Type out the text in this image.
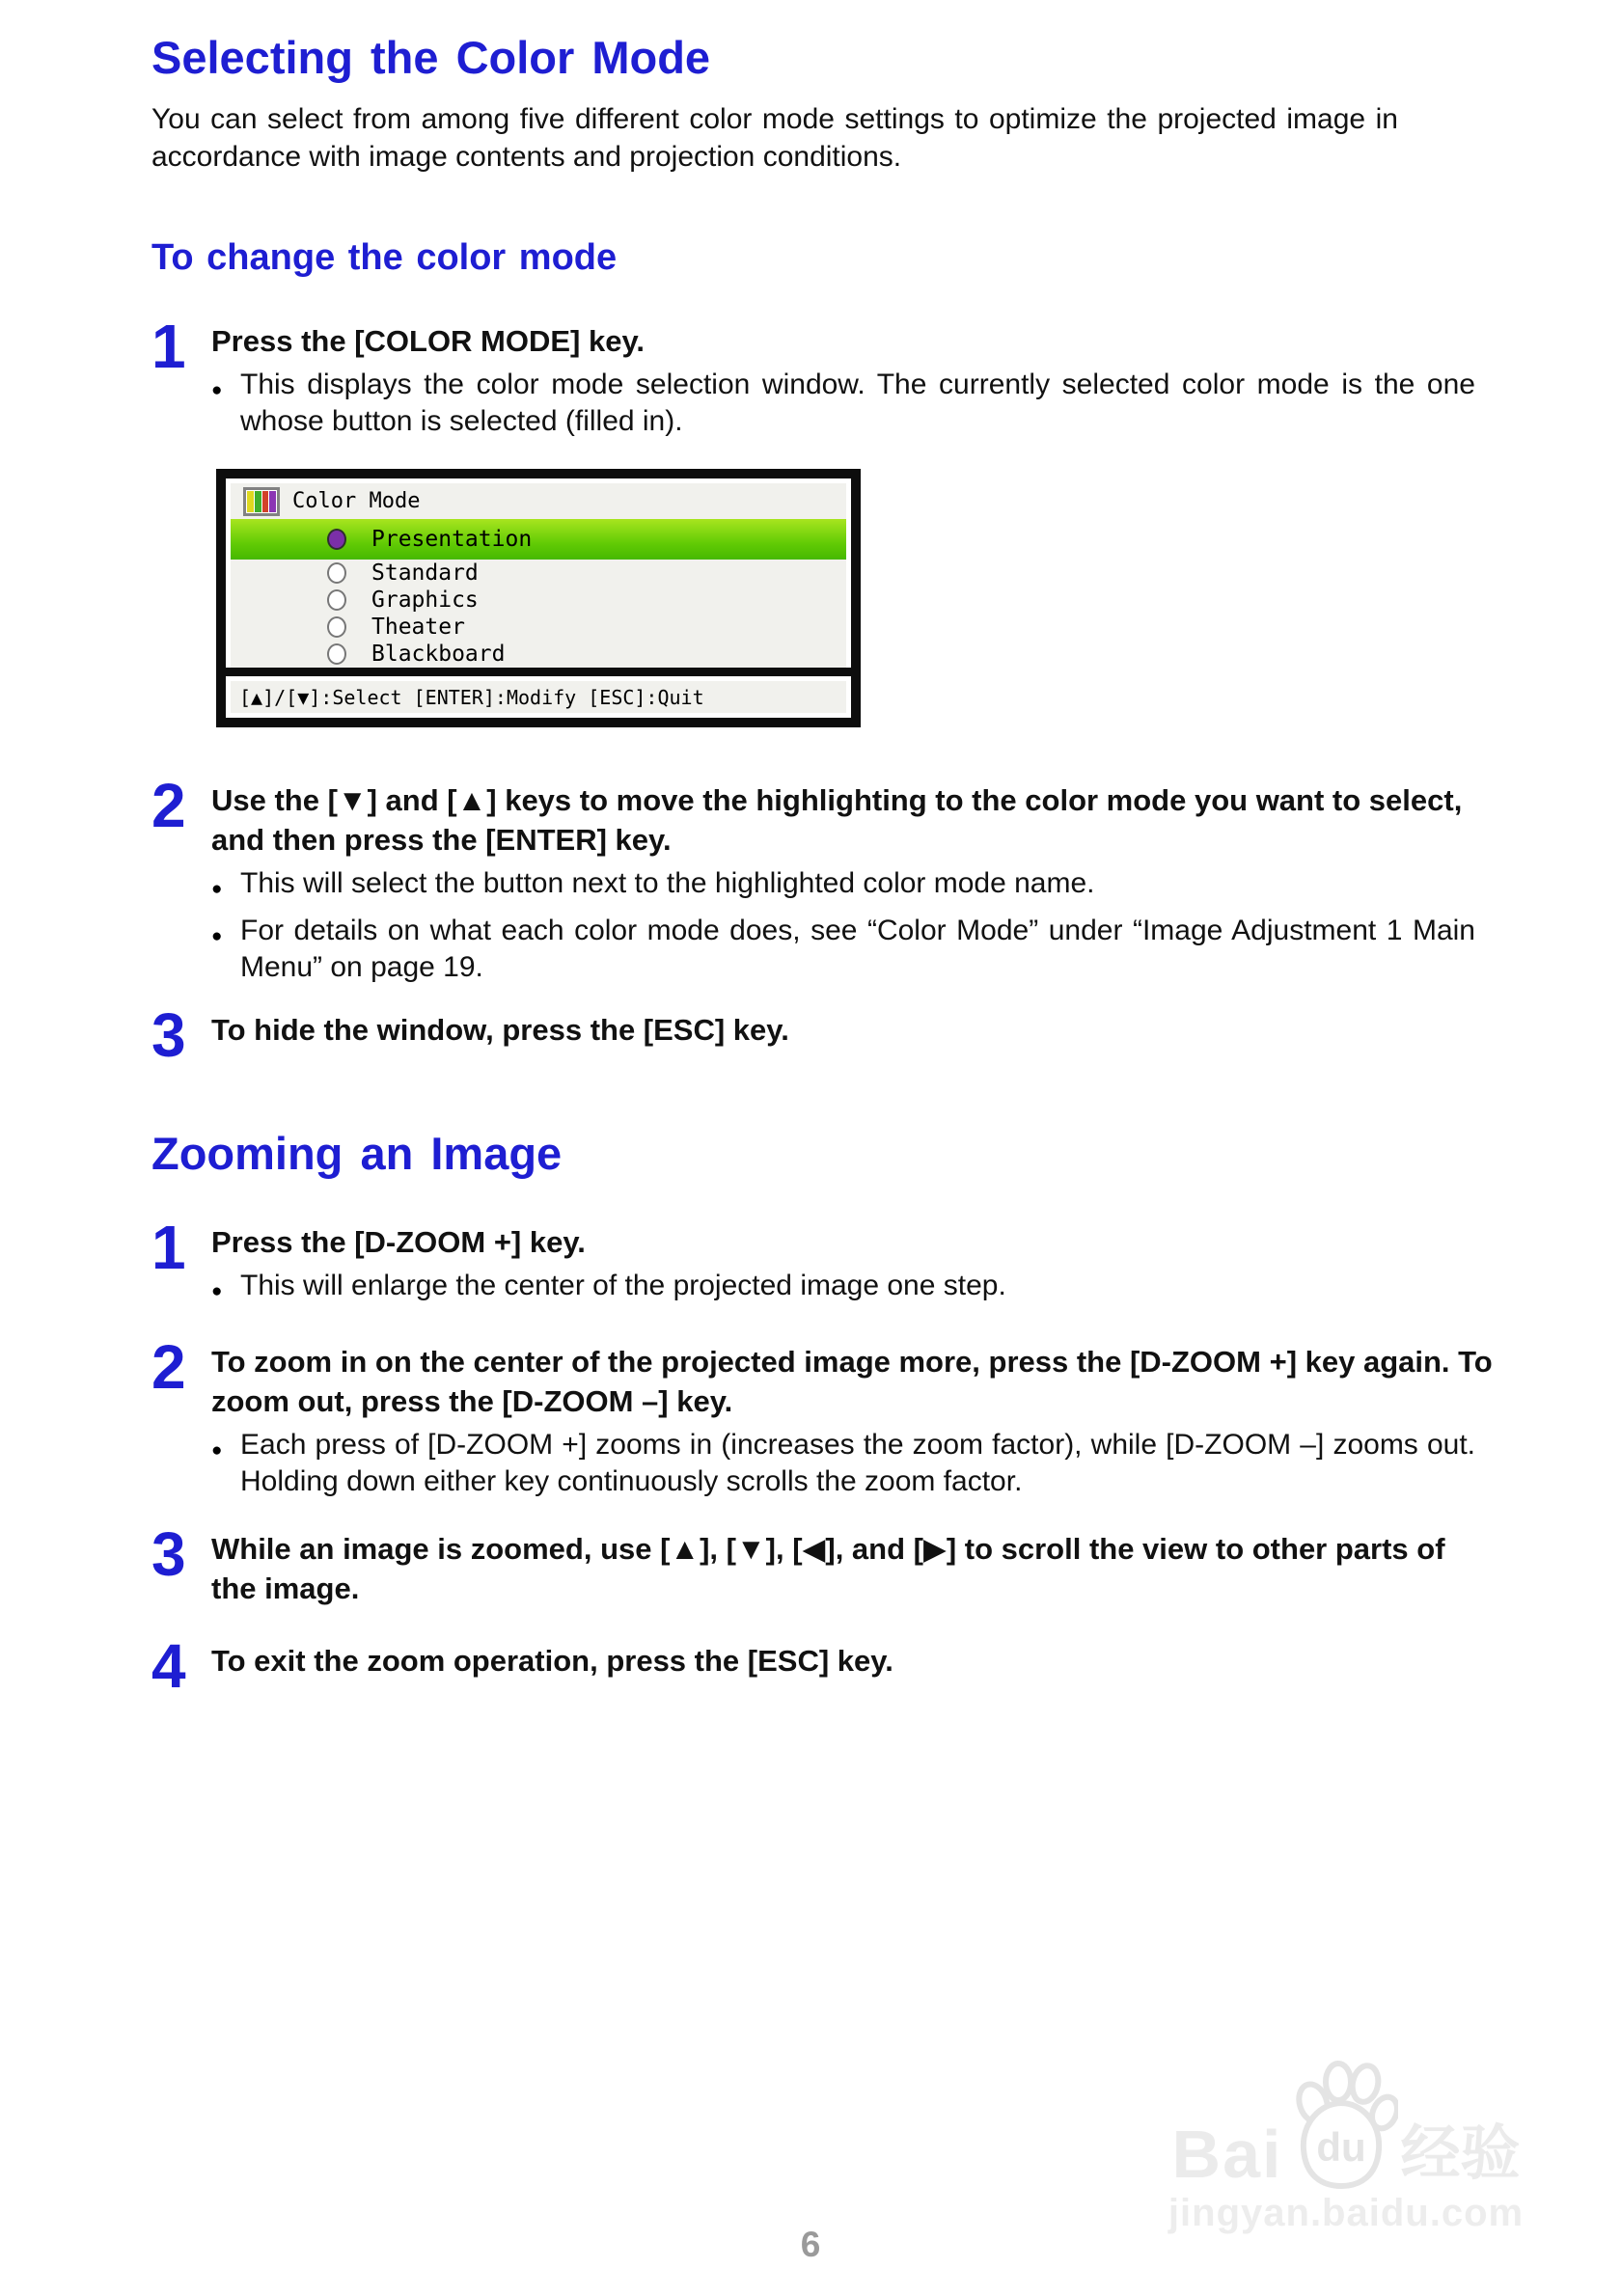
Selecting the Color Mode
You can select from among five different color mode settings to optimize the projected image in accordance with image contents and projection conditions.
To change the color mode
1 Press the [COLOR MODE] key.
● This displays the color mode selection window. The currently selected color mode is the one whose button is selected (filled in).
Color Mode
Presentation
Standard
Graphics
Theater
Blackboard
[▲]/[▼]:Select [ENTER]:Modify [ESC]:Quit
2 Use the [▼] and [▲] keys to move the highlighting to the color mode you want to select, and then press the [ENTER] key.
● This will select the button next to the highlighted color mode name.
● For details on what each color mode does, see “Color Mode” under “Image Adjustment 1 Main Menu” on page 19.
3 To hide the window, press the [ESC] key.
Zooming an Image
1 Press the [D-ZOOM +] key.
● This will enlarge the center of the projected image one step.
2 To zoom in on the center of the projected image more, press the [D-ZOOM +] key again. To zoom out, press the [D-ZOOM –] key.
● Each press of [D-ZOOM +] zooms in (increases the zoom factor), while [D-ZOOM –] zooms out. Holding down either key continuously scrolls the zoom factor.
3 While an image is zoomed, use [▲], [▼], [◀], and [▶] to scroll the view to other parts of the image.
4 To exit the zoom operation, press the [ESC] key.
Bai du 经验
jingyan.baidu.com
6
